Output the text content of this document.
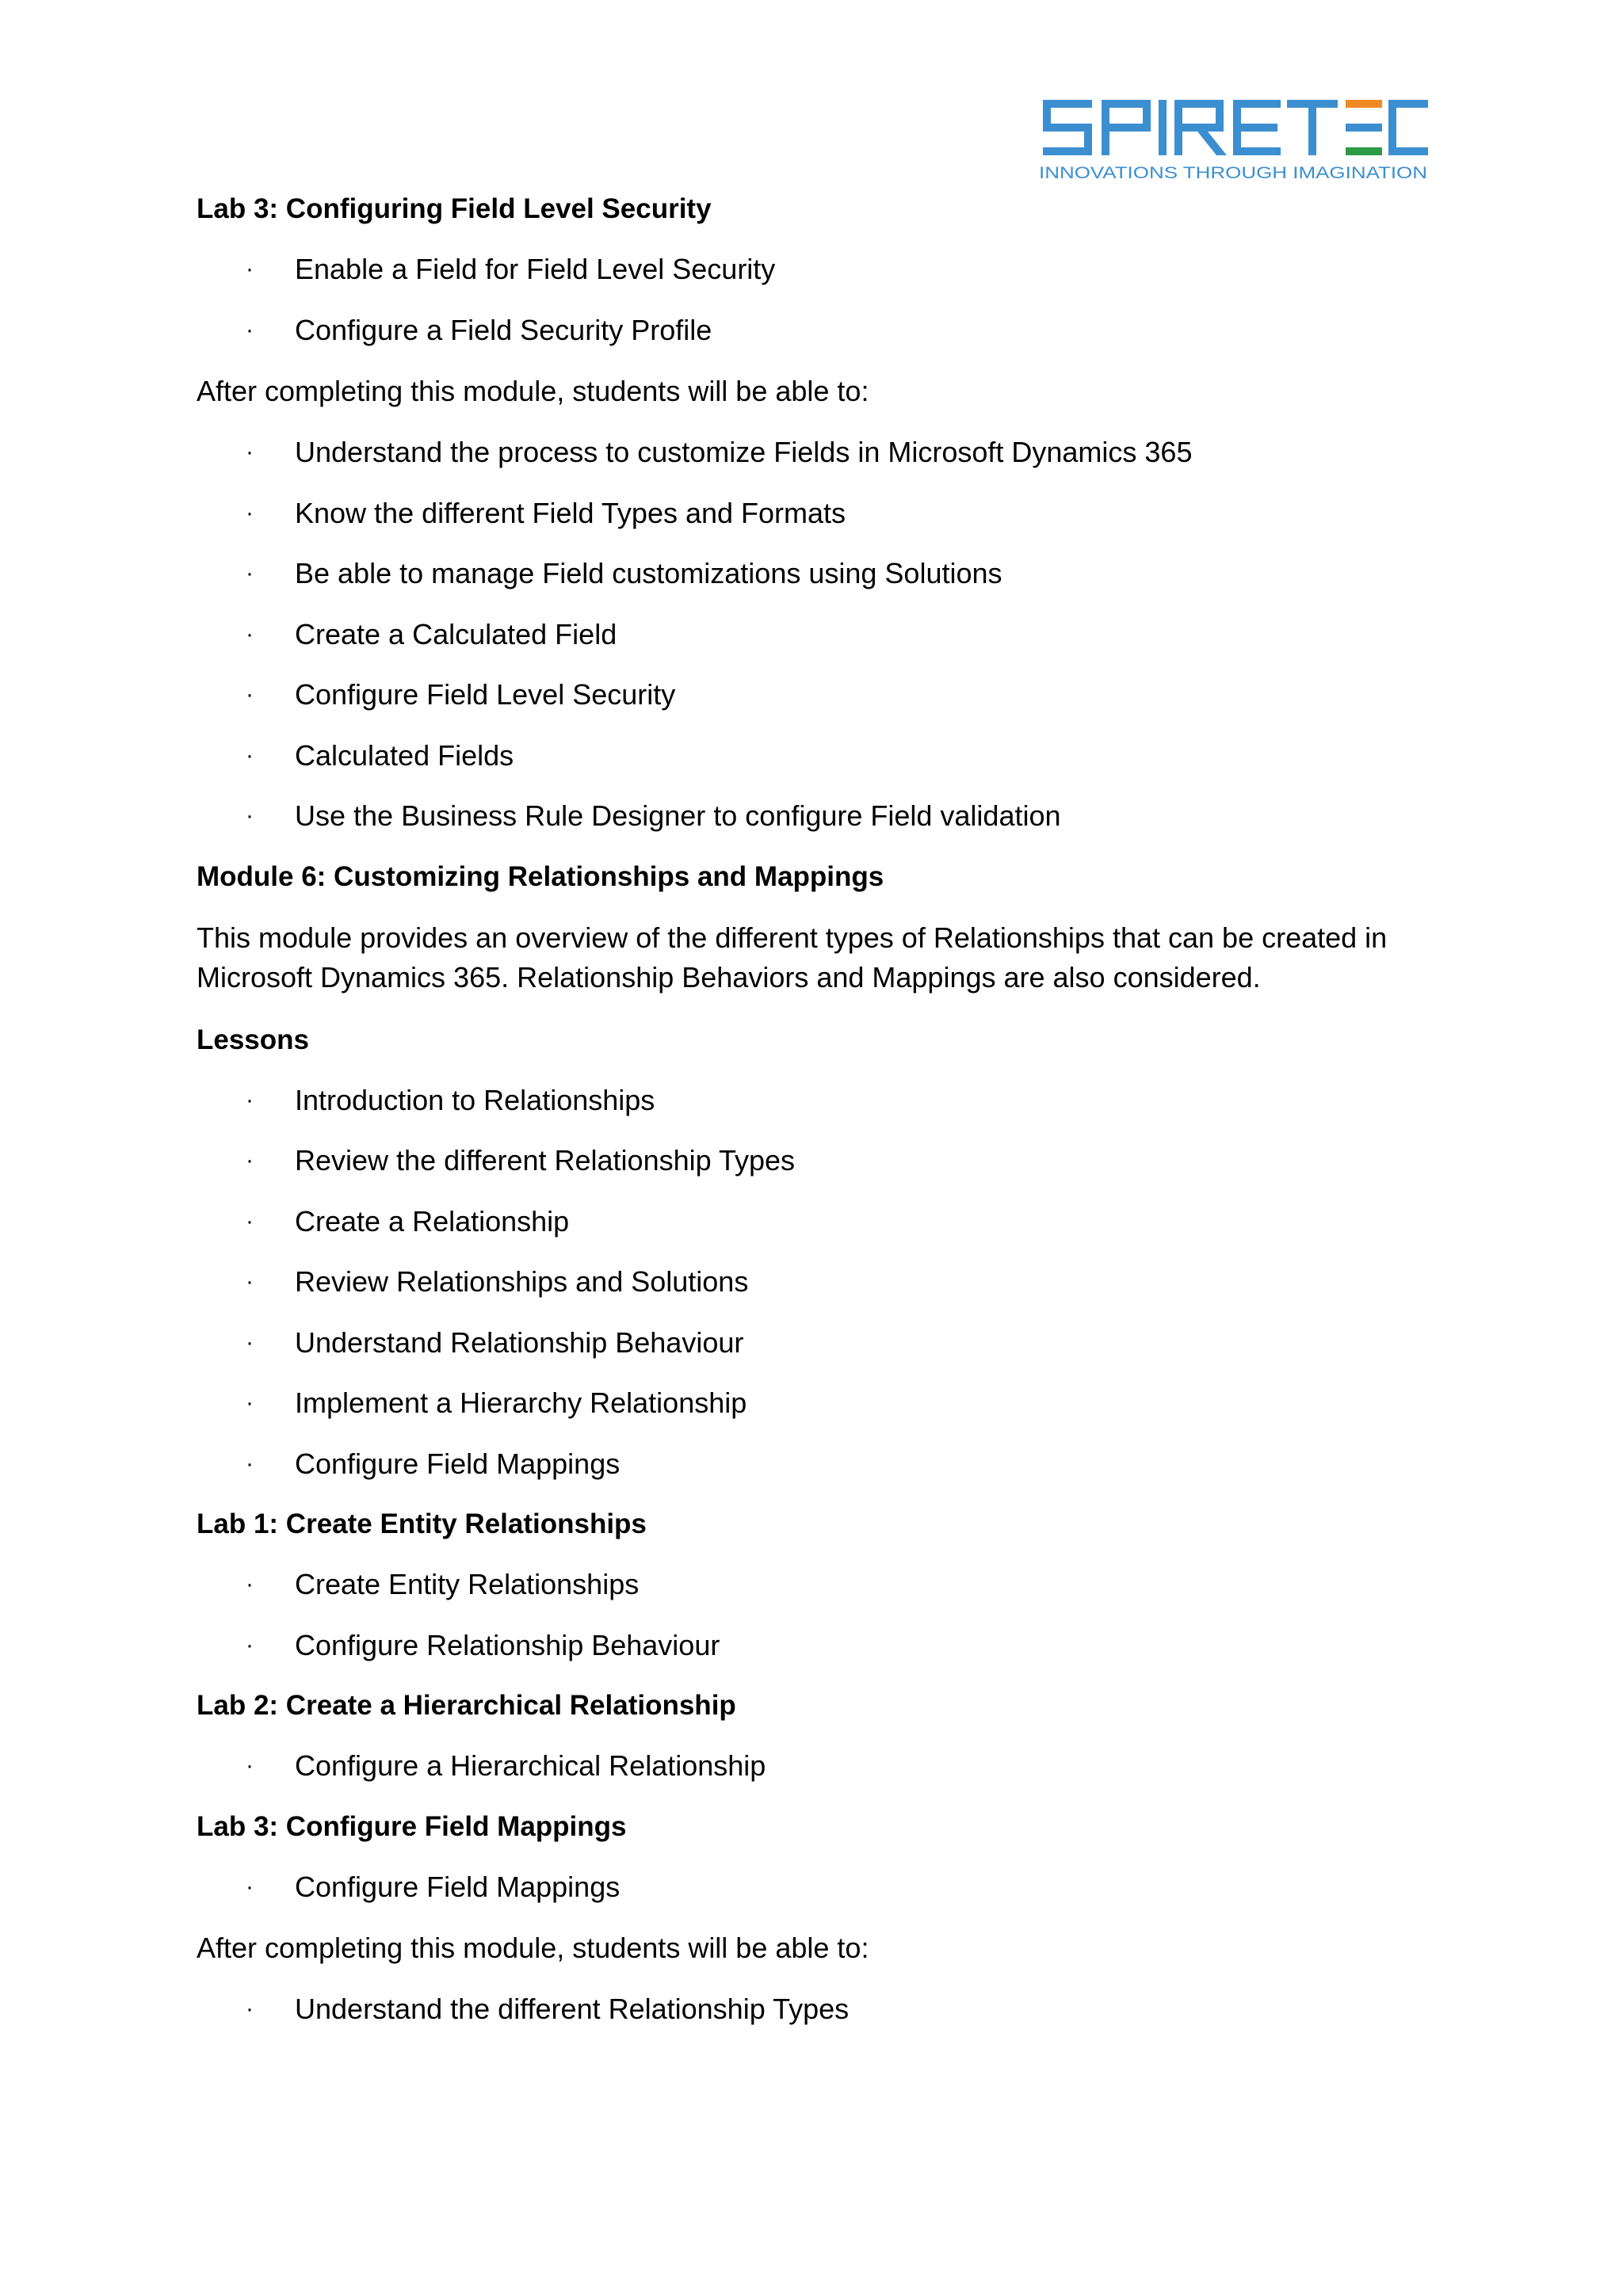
INNOVATIONS THROUGH IMAGINATION
Lab 3: Configuring Field Level Security
· Enable a Field for Field Level Security
· Configure a Field Security Profile
After completing this module, students will be able to:
· Understand the process to customize Fields in Microsoft Dynamics 365
· Know the different Field Types and Formats
· Be able to manage Field customizations using Solutions
· Create a Calculated Field
· Configure Field Level Security
· Calculated Fields
· Use the Business Rule Designer to configure Field validation
Module 6: Customizing Relationships and Mappings
This module provides an overview of the different types of Relationships that can be created in Microsoft Dynamics 365. Relationship Behaviors and Mappings are also considered.
Lessons
· Introduction to Relationships
· Review the different Relationship Types
· Create a Relationship
· Review Relationships and Solutions
· Understand Relationship Behaviour
· Implement a Hierarchy Relationship
· Configure Field Mappings
Lab 1: Create Entity Relationships
· Create Entity Relationships
· Configure Relationship Behaviour
Lab 2: Create a Hierarchical Relationship
· Configure a Hierarchical Relationship
Lab 3: Configure Field Mappings
· Configure Field Mappings
After completing this module, students will be able to:
· Understand the different Relationship Types
